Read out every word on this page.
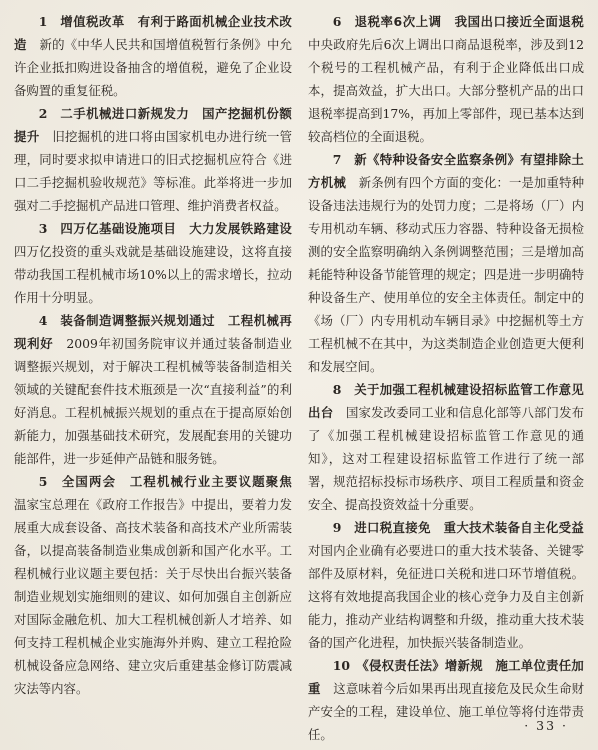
1　 增值税改革　有利于路面机械企业技术改造　 新的《中华人民共和国增值税暂行条例》中允许企业抵扣购进设备抽含的增值税，避免了企业设备购置的重复征税。

2　 二手机械进口新规发力　国产挖掘机份额提升　 旧挖掘机的进口将由国家机电办进行统一管理，同时要求拟申请进口的旧式挖掘机应符合《进口二手挖掘机验收规范》等标准。此举将进一步加强对二手挖掘机产品进口管理、维护消费者权益。

3　 四万亿基础设施项目　大力发展铁路建设　四万亿投资的重头戏就是基础设施建设，这将直接带动我国工程机械市场10%以上的需求增长，拉动作用十分明显。

4　 装备制造调整振兴规划通过　工程机械再现利好　 2009年初国务院审议并通过装备制造业调整振兴规划，对于解决工程机械等装备制造相关领域的关键配套件技术瓶颈是一次“直接利益”的利好消息。工程机械振兴规划的重点在于提高原始创新能力，加强基础技术研究，发展配套用的关键功能部件，进一步延伸产品链和服务链。

5　 全国两会　工程机械行业主要议题聚焦　温家宝总理在《政府工作报告》中提出，要着力发展重大成套设备、高技术装备和高技术产业所需装备，以提高装备制造业集成创新和国产化水平。工程机械行业议题主要包括：关于尽快出台振兴装备制造业规划实施细则的建议、如何加强自主创新应对国际金融危机、加大工程机械创新人才培养、如何支持工程机械企业实施海外并购、建立工程抢险机械设备应急网络、建立灾后重建基金修订防震减灾法等内容。

6　 退税率6次上调　我国出口接近全面退税　中央政府先后6次上调出口商品退税率，涉及到12个税号的工程机械产品，有利于企业降低出口成本，提高效益，扩大出口。大部分整机产品的出口退税率提高到17%，再加上零部件，现已基本达到较高档位的全面退税。

7　 新《特种设备安全监察条例》有望排除土方机械　 新条例有四个方面的变化：一是加重特种设备违法违规行为的处罚力度；二是将场（厂）内专用机动车辆、移动式压力容器、特种设备无损检测的安全监察明确纳入条例调整范围；三是增加高耗能特种设备节能管理的规定；四是进一步明确特种设备生产、使用单位的安全主体责任。制定中的《场（厂）内专用机动车辆目录》中挖掘机等土方工程机械不在其中，为这类制造企业创造更大便利和发展空间。

8　 关于加强工程机械建设招标监管工作意见出台　 国家发改委同工业和信息化部等八部门发布了《加强工程机械建设招标监管工作意见的通知》，这对工程建设招标监管工作进行了统一部署，规范招标投标市场秩序、项目工程质量和资金安全、提高投资效益十分重要。

9　 进口税直接免　重大技术装备自主化受益　对国内企业确有必要进口的重大技术装备、关键零部件及原材料，免征进口关税和进口环节增值税。这将有效地提高我国企业的核心竞争力及自主创新能力，推动产业结构调整和升级，推动重大技术装备的国产化进程，加快振兴装备制造业。

10　 《侵权责任法》增新规　施工单位责任加重　 这意味着今后如果再出现直接危及民众生命财产安全的工程，建设单位、施工单位等将付连带责任。

· 33 ·
